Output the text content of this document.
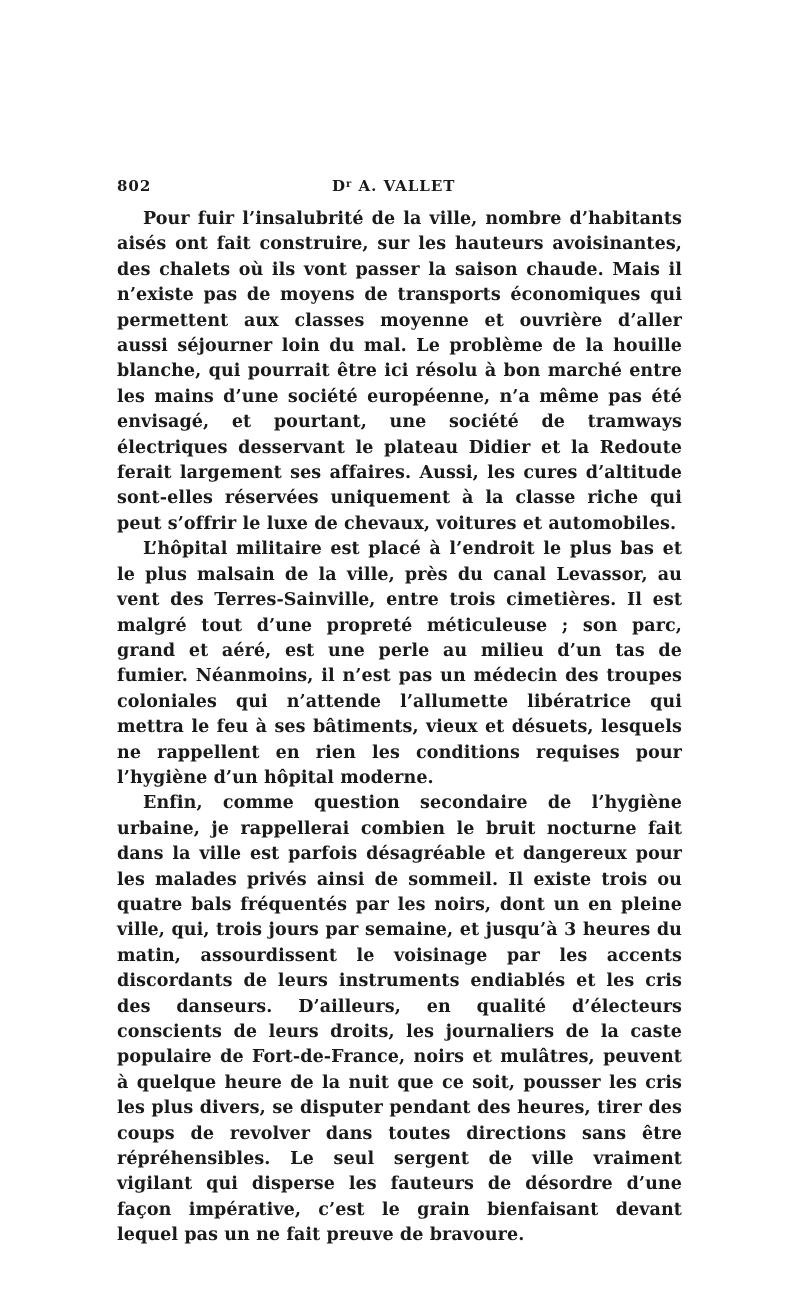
802	$D^r$ A. VALLET

Pour fuir l’insalubrité de la ville, nombre d’habitants aisés ont fait construire, sur les hauteurs avoisinantes, des chalets où ils vont passer la saison chaude. Mais il n’existe pas de moyens de transports économiques qui permettent aux classes moyenne et ouvrière d’aller aussi séjourner loin du mal. Le problème de la houille blanche, qui pourrait être ici résolu à bon marché entre les mains d’une société européenne, n’a même pas été envisagé, et pourtant, une société de tramways électriques desservant le plateau Didier et la Redoute ferait largement ses affaires. Aussi, les cures d’altitude sont-elles réservées uniquement à la classe riche qui peut s’offrir le luxe de chevaux, voitures et automobiles.

L’hôpital militaire est placé à l’endroit le plus bas et le plus malsain de la ville, près du canal Levassor, au vent des Terres-Sainville, entre trois cimetières. Il est malgré tout d’une propreté méticuleuse ; son parc, grand et aéré, est une perle au milieu d’un tas de fumier. Néanmoins, il n’est pas un médecin des troupes coloniales qui n’attende l’allumette libératrice qui mettra le feu à ses bâtiments, vieux et désuets, lesquels ne rappellent en rien les conditions requises pour l’hygiène d’un hôpital moderne.

Enfin, comme question secondaire de l’hygiène urbaine, je rappellerai combien le bruit nocturne fait dans la ville est parfois désagréable et dangereux pour les malades privés ainsi de sommeil. Il existe trois ou quatre bals fréquentés par les noirs, dont un en pleine ville, qui, trois jours par semaine, et jusqu’à 3 heures du matin, assourdissent le voisinage par les accents discordants de leurs instruments endiablés et les cris des danseurs. D’ailleurs, en qualité d’électeurs conscients de leurs droits, les journaliers de la caste populaire de Fort-de-France, noirs et mulâtres, peuvent à quelque heure de la nuit que ce soit, pousser les cris les plus divers, se disputer pendant des heures, tirer des coups de revolver dans toutes directions sans être répréhensibles. Le seul sergent de ville vraiment vigilant qui disperse les fauteurs de désordre d’une façon impérative, c’est le grain bienfaisant devant lequel pas un ne fait preuve de bravoure.
